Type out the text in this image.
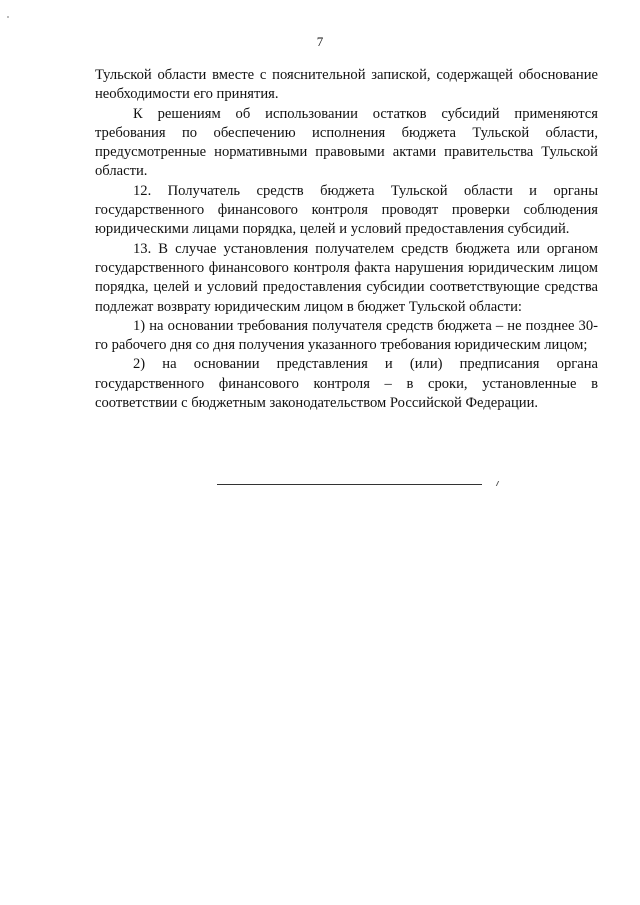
7

Тульской области вместе с пояснительной запиской, содержащей обоснование необходимости его принятия.

К решениям об использовании остатков субсидий применяются требования по обеспечению исполнения бюджета Тульской области, предусмотренные нормативными правовыми актами правительства Тульской области.

12. Получатель средств бюджета Тульской области и органы государственного финансового контроля проводят проверки соблюдения юридическими лицами порядка, целей и условий предоставления субсидий.

13. В случае установления получателем средств бюджета или органом государственного финансового контроля факта нарушения юридическим лицом порядка, целей и условий предоставления субсидии соответствующие средства подлежат возврату юридическим лицом в бюджет Тульской области:

1) на основании требования получателя средств бюджета – не позднее 30-го рабочего дня со дня получения указанного требования юридическим лицом;

2) на основании представления и (или) предписания органа государственного финансового контроля – в сроки, установленные в соответствии с бюджетным законодательством Российской Федерации.
